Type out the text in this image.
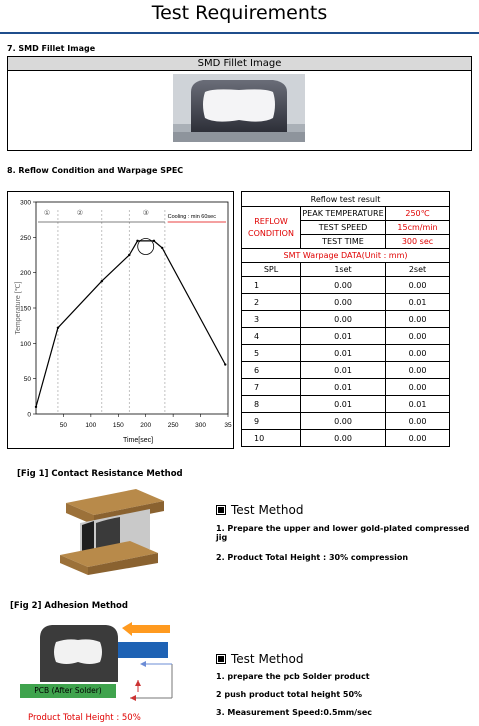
Test Requirements
7. SMD Fillet Image
SMD Fillet Image
8. Reflow Condition and Warpage SPEC
0
50
100
150
200
250
300
50	100	150	200	250	300	35
Time[sec]
Temperature [℃]
①	②	③	Cooling : min 60sec
Reflow test result		
REFLOW
CONDITION	PEAK TEMPERATURE	250℃
	TEST SPEED	15cm/min
	TEST TIME	300 sec
SMT Warpage DATA(Unit : mm)		
SPL	1set	2set
1	0.00	0.00
2	0.00	0.01
3	0.00	0.00
4	0.01	0.00
5	0.01	0.00
6	0.01	0.00
7	0.01	0.00
8	0.01	0.01
9	0.00	0.00
10	0.00	0.00
[Fig 1] Contact Resistance Method
Test Method
1. Prepare the upper and lower gold-plated compressed jig
2. Product Total Height : 30% compression
[Fig 2] Adhesion Method
PCB (After Solder)
Product Total Height : 50%
Test Method
1. prepare the pcb Solder product
2 push product total height 50%
3. Measurement Speed:0.5mm/sec
